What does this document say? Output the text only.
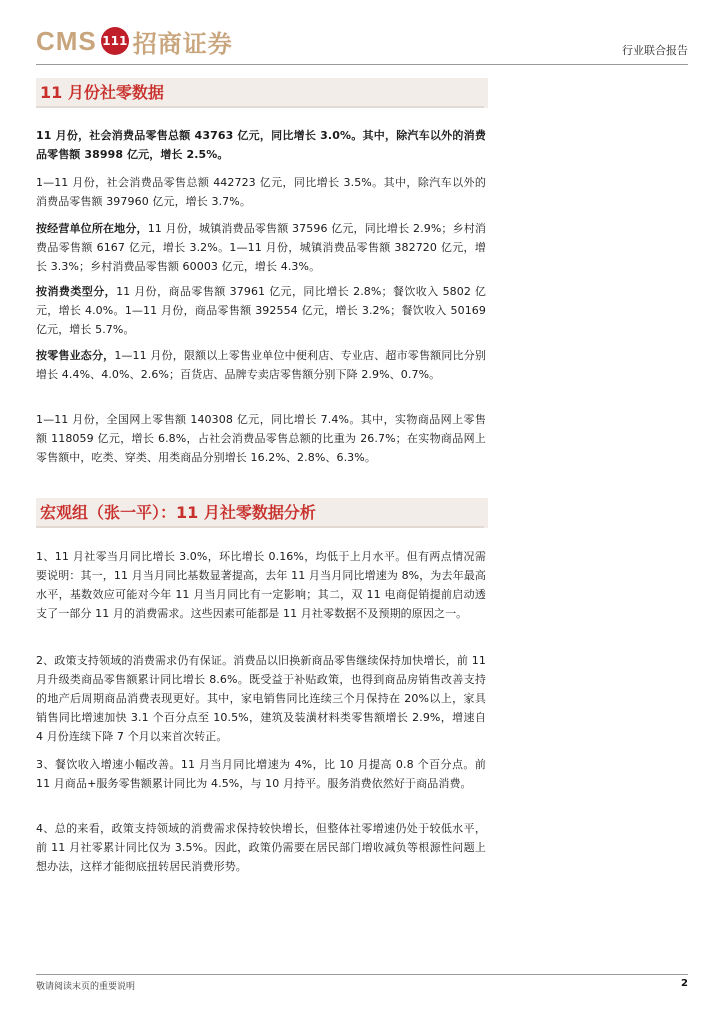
CMS 111 招商证券	行业联合报告
11 月份社零数据
11 月份，社会消费品零售总额 43763 亿元，同比增长 3.0%。其中，除汽车以外的消费品零售额 38998 亿元，增长 2.5%。
1—11 月份，社会消费品零售总额 442723 亿元，同比增长 3.5%。其中，除汽车以外的消费品零售额 397960 亿元，增长 3.7%。
按经营单位所在地分，11 月份，城镇消费品零售额 37596 亿元，同比增长 2.9%；乡村消费品零售额 6167 亿元，增长 3.2%。1—11 月份，城镇消费品零售额 382720 亿元，增长 3.3%；乡村消费品零售额 60003 亿元，增长 4.3%。
按消费类型分，11 月份，商品零售额 37961 亿元，同比增长 2.8%；餐饮收入 5802 亿元，增长 4.0%。1—11 月份，商品零售额 392554 亿元，增长 3.2%；餐饮收入 50169 亿元，增长 5.7%。
按零售业态分，1—11 月份，限额以上零售业单位中便利店、专业店、超市零售额同比分别增长 4.4%、4.0%、2.6%；百货店、品牌专卖店零售额分别下降 2.9%、0.7%。
1—11 月份，全国网上零售额 140308 亿元，同比增长 7.4%。其中，实物商品网上零售额 118059 亿元，增长 6.8%，占社会消费品零售总额的比重为 26.7%；在实物商品网上零售额中，吃类、穿类、用类商品分别增长 16.2%、2.8%、6.3%。
宏观组（张一平）：11 月社零数据分析
1、11 月社零当月同比增长 3.0%，环比增长 0.16%，均低于上月水平。但有两点情况需要说明：其一，11 月当月同比基数显著提高，去年 11 月当月同比增速为 8%，为去年最高水平，基数效应可能对今年 11 月当月同比有一定影响；其二，双 11 电商促销提前启动透支了一部分 11 月的消费需求。这些因素可能都是 11 月社零数据不及预期的原因之一。
2、政策支持领域的消费需求仍有保证。消费品以旧换新商品零售继续保持加快增长，前 11 月升级类商品零售额累计同比增长 8.6%。既受益于补贴政策，也得到商品房销售改善支持的地产后周期商品消费表现更好。其中，家电销售同比连续三个月保持在 20%以上，家具销售同比增速加快 3.1 个百分点至 10.5%，建筑及装潢材料类零售额增长 2.9%，增速自 4 月份连续下降 7 个月以来首次转正。
3、餐饮收入增速小幅改善。11 月当月同比增速为 4%，比 10 月提高 0.8 个百分点。前 11 月商品+服务零售额累计同比为 4.5%，与 10 月持平。服务消费依然好于商品消费。
4、总的来看，政策支持领域的消费需求保持较快增长，但整体社零增速仍处于较低水平，前 11 月社零累计同比仅为 3.5%。因此，政策仍需要在居民部门增收减负等根源性问题上想办法，这样才能彻底扭转居民消费形势。
敬请阅读末页的重要说明	2
